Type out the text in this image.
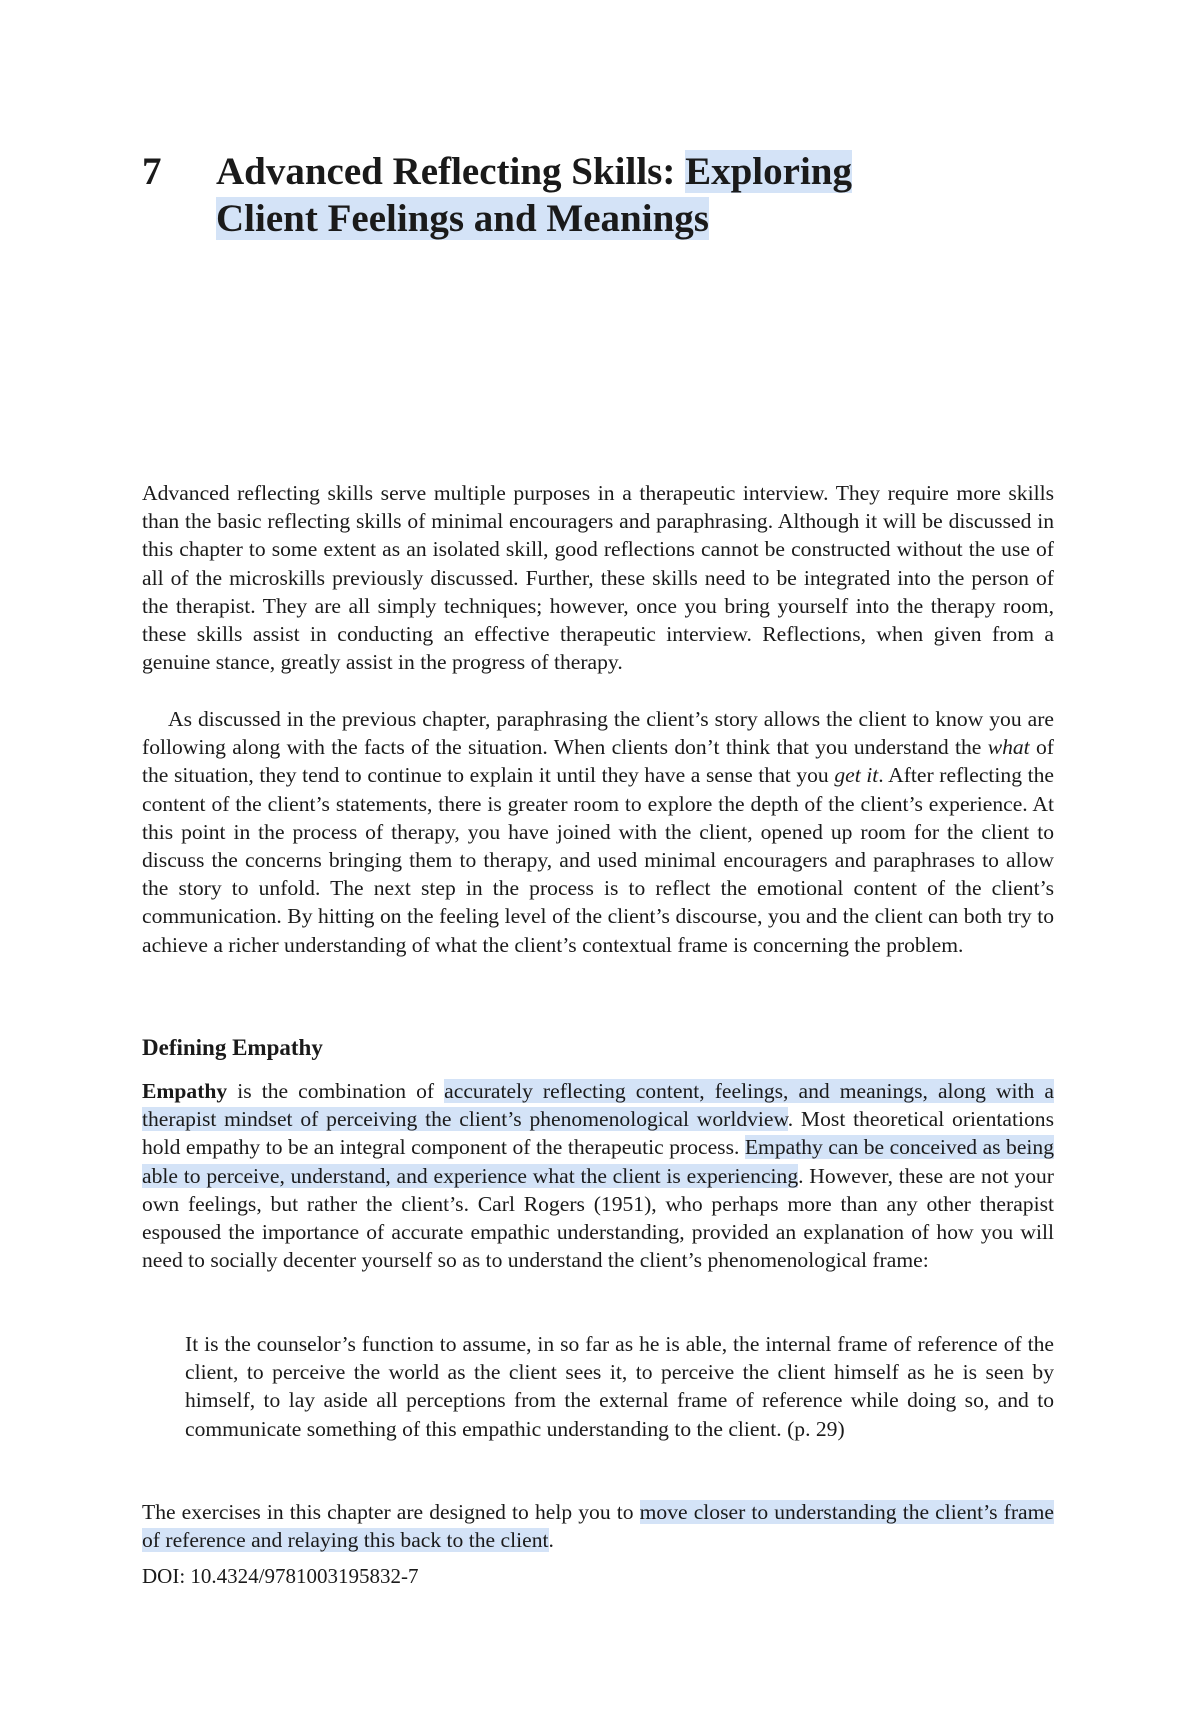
7	Advanced Reflecting Skills: Exploring
Client Feelings and Meanings

Advanced reflecting skills serve multiple purposes in a therapeutic interview. They require more skills than the basic reflecting skills of minimal encouragers and paraphrasing. Although it will be discussed in this chapter to some extent as an isolated skill, good reflections cannot be constructed without the use of all of the microskills previously discussed. Further, these skills need to be integrated into the person of the therapist. They are all simply techniques; however, once you bring yourself into the therapy room, these skills assist in conducting an effective therapeutic interview. Reflections, when given from a genuine stance, greatly assist in the progress of therapy.

As discussed in the previous chapter, paraphrasing the client’s story allows the client to know you are following along with the facts of the situation. When clients don’t think that you understand the what of the situation, they tend to continue to explain it until they have a sense that you get it. After reflecting the content of the client’s statements, there is greater room to explore the depth of the client’s experience. At this point in the process of therapy, you have joined with the client, opened up room for the client to discuss the concerns bringing them to therapy, and used minimal encouragers and paraphrases to allow the story to unfold. The next step in the process is to reflect the emotional content of the client’s communication. By hitting on the feeling level of the client’s discourse, you and the client can both try to achieve a richer understanding of what the client’s contextual frame is concerning the problem.

Defining Empathy

Empathy is the combination of accurately reflecting content, feelings, and meanings, along with a therapist mindset of perceiving the client’s phenomenological worldview. Most theoretical orientations hold empathy to be an integral component of the therapeutic process. Empathy can be conceived as being able to perceive, understand, and experience what the client is experiencing. However, these are not your own feelings, but rather the client’s. Carl Rogers (1951), who perhaps more than any other therapist espoused the importance of accurate empathic understanding, provided an explanation of how you will need to socially decenter yourself so as to understand the client’s phenomenological frame:

It is the counselor’s function to assume, in so far as he is able, the internal frame of reference of the client, to perceive the world as the client sees it, to perceive the client himself as he is seen by himself, to lay aside all perceptions from the external frame of reference while doing so, and to communicate something of this empathic understanding to the client. (p. 29)

The exercises in this chapter are designed to help you to move closer to understanding the client’s frame of reference and relaying this back to the client.

DOI: 10.4324/9781003195832-7
